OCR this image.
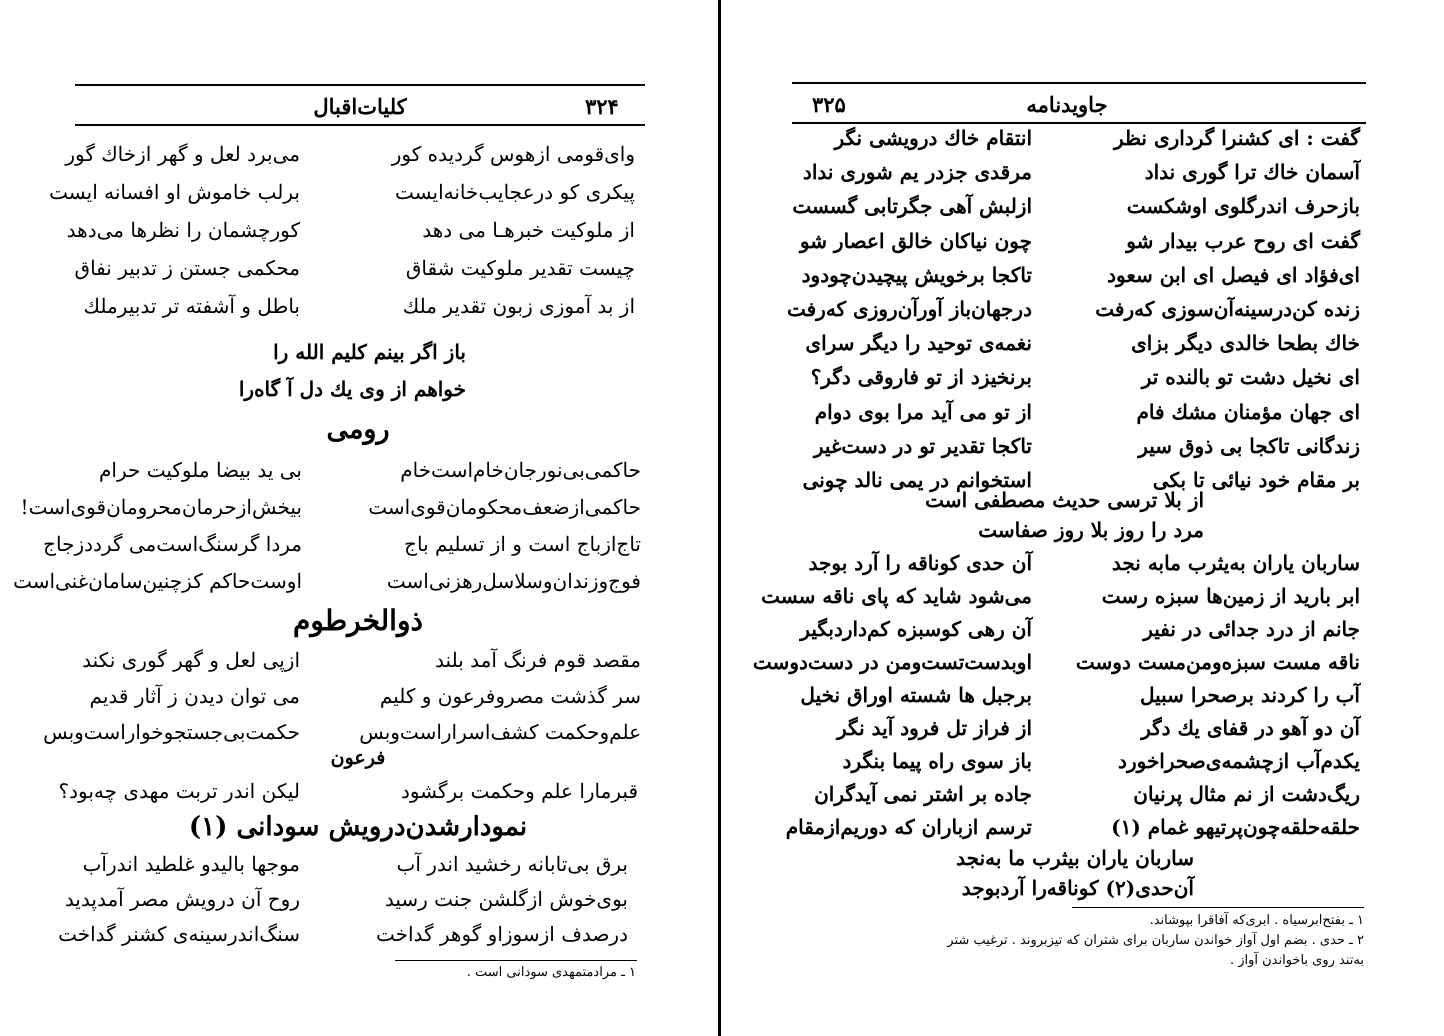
۳۲۴
کلیات‌اقبال
وای‌قومی ازهوس گردیده کور
می‌برد لعل و گهر ازخاك گور
پیکری کو درعجایب‌خانه‌ایست
برلب خاموش او افسانه ایست
از ملوکیت خبرهـا می دهد
کورچشمان را نظرها می‌دهد
چیست تقدیر ملوکیت شقاق
محکمی جستن ز تدبیر نفاق
از بد آموزی زبون تقدیر ملك
باطل و آشفته تر تدبیرملك
باز اگر بینم کلیم الله را
خواهم از وی یك دل آ گاه‌را
رومی
حاکمی‌بی‌نورجان‌خام‌است‌خام
بی ید بیضا ملوکیت حرام
حاکمی‌ازضعف‌محکومان‌قوی‌است
بیخش‌ازحرمان‌محرومان‌قوی‌است!
تاج‌ازباج است و از تسلیم باج
مردا گرسنگ‌است‌می گرددزجاج
فوج‌وزندان‌وسلاسل‌رهزنی‌است
اوست‌حاکم کزچنین‌سامان‌غنی‌است
ذوالخرطوم
مقصد قوم فرنگ آمد بلند
ازپی لعل و گهر گوری نکند
سر گذشت مصروفرعون و کلیم
می توان دیدن ز آثار قدیم
علم‌وحکمت کشف‌اسراراست‌وبس
حکمت‌بی‌جستجوخواراست‌وبس
فرعون
قبرمارا علم وحکمت برگشود
لیکن اندر تربت مهدی چه‌بود؟
نمودارشدن‌درویش سودانی (۱)
برق بی‌تابانه رخشید اندر آب
موجها بالیدو غلطید اندرآب
بوی‌خوش ازگلشن جنت رسید
روح آن درویش مصر آمدپدید
درصدف ازسوزاو گوهر گداخت
سنگ‌اندرسینه‌ی کشنر گداخت
۱ ـ مرادمتمهدی سودانی است .
۳۲۵	جاویدنامه
گفت : ای کشنرا گرداری نظر
انتقام خاك درویشی نگر
آسمان خاك ترا گوری نداد
مرقدی جزدر یم شوری نداد
بازحرف اندرگلوی اوشکست
ازلبش آهی جگرتابی گسست
گفت ای روح عرب بیدار شو
چون نیاکان خالق اعصار شو
ای‌فؤاد ای فیصل ای ابن سعود
تاکجا برخویش پیچیدن‌چودود
زنده کن‌درسینه‌آن‌سوزی که‌رفت
درجهان‌باز آورآن‌روزی که‌رفت
خاك بطحا خالدی دیگر بزای
نغمه‌ی توحید را دیگر سرای
ای نخیل دشت تو بالنده تر
برنخیزد از تو فاروقی دگر؟
ای جهان مؤمنان مشك فام
از تو می آید مرا بوی دوام
زندگانی تاکجا بی ذوق سیر
تاکجا تقدیر تو در دست‌غیر
بر مقام خود نیائی تا بکی
استخوانم در یمی نالد چونی
از بلا ترسی حدیث مصطفی است
مرد را روز بلا روز صفاست
ساربان یاران به‌یثرب مابه نجد
آن حدی کوناقه را آرد بوجد
ابر بارید از زمین‌ها سبزه رست
می‌شود شاید که پای ناقه سست
جانم از درد جدائی در نفیر
آن رهی کوسبزه کم‌داردبگیر
ناقه مست سبزه‌ومن‌مست دوست
اوبدست‌تست‌ومن در دست‌دوست
آب را کردند برصحرا سبیل
برجبل ها شسته اوراق نخیل
آن دو آهو در قفای یك دگر
از فراز تل فرود آید نگر
یکدم‌آب ازچشمه‌ی‌صحراخورد
باز سوی راه پیما بنگرد
ریگ‌دشت از نم مثال پرنیان
جاده بر اشتر نمی آیدگران
حلقه‌حلقه‌چون‌پرتیهو غمام (۱)
ترسم ازباران که دوریم‌ازمقام
ساربان یاران بیثرب ما به‌نجد
آن‌حدی(۲) کوناقه‌را آردبوجد
۱ ـ بفتح‌ابرسیاه . ابری‌که آفاقرا بپوشاند.
۲ ـ حدی . بضم اول آواز خواندن ساربان برای شتران که تیزبروند . ترغیب شتر
به‌تند روی باخواندن آواز .
